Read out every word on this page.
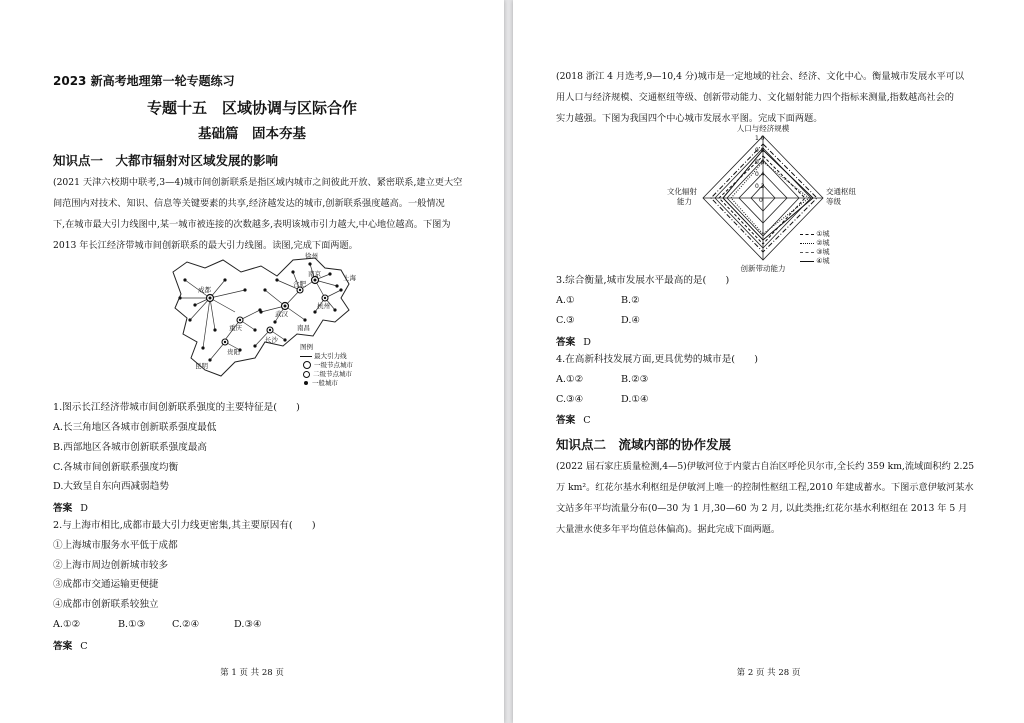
2023 新高考地理第一轮专题练习
专题十五　区域协调与区际合作
基础篇　固本夯基
知识点一　大都市辐射对区域发展的影响
(2021 天津六校期中联考,3—4)城市间创新联系是指区域内城市之间彼此开放、紧密联系,建立更大空
间范围内对技术、知识、信息等关键要素的共享,经济越发达的城市,创新联系强度越高。一般情况
下,在城市最大引力线图中,某一城市被连接的次数越多,表明该城市引力越大,中心地位越高。下图为
2013 年长江经济带城市间创新联系的最大引力线图。读图,完成下面两题。
成都
重庆
贵阳
昆明
武汉
长沙
合肥
南京
杭州
上海
南昌
徐州
图例
最大引力线
一级节点城市
二级节点城市
一般城市
1.图示长江经济带城市间创新联系强度的主要特征是(　　)
A.长三角地区各城市创新联系强度最低
B.西部地区各城市创新联系强度最高
C.各城市间创新联系强度均衡
D.大致呈自东向西减弱趋势
答案 D
2.与上海市相比,成都市最大引力线更密集,其主要原因有(　　)
①上海城市服务水平低于成都
②上海市周边创新城市较多
③成都市交通运输更便捷
④成都市创新联系较独立
A.①②	B.①③	C.②④	D.③④
答案 C
第 1 页 共 28 页
(2018 浙江 4 月选考,9—10,4 分)城市是一定地域的社会、经济、文化中心。衡量城市发展水平可以
用人口与经济规模、交通枢纽等级、创新带动能力、文化辐射能力四个指标来测量,指数越高社会的
实力越强。下图为我国四个中心城市发展水平图。完成下面两题。
1.0
0.8
0.6
0.4
0.2
0
人口与经济规模
交通枢纽
等级
创新带动能力
文化辐射
能力
①城
②城
③城
④城
3.综合衡量,城市发展水平最高的是(　　)
A.①	B.②
C.③	D.④
答案 D
4.在高新科技发展方面,更具优势的城市是(　　)
A.①②	B.②③
C.③④	D.①④
答案 C
知识点二　流域内部的协作发展
(2022 届石家庄质量检测,4—5)伊敏河位于内蒙古自治区呼伦贝尔市,全长约 359 km,流域面积约 2.25
万 km²。红花尔基水利枢纽是伊敏河上唯一的控制性枢纽工程,2010 年建成蓄水。下图示意伊敏河某水
文站多年平均流量分布(0—30 为 1 月,30—60 为 2 月, 以此类推;红花尔基水利枢纽在 2013 年 5 月
大量泄水使多年平均值总体偏高)。据此完成下面两题。
第 2 页 共 28 页
